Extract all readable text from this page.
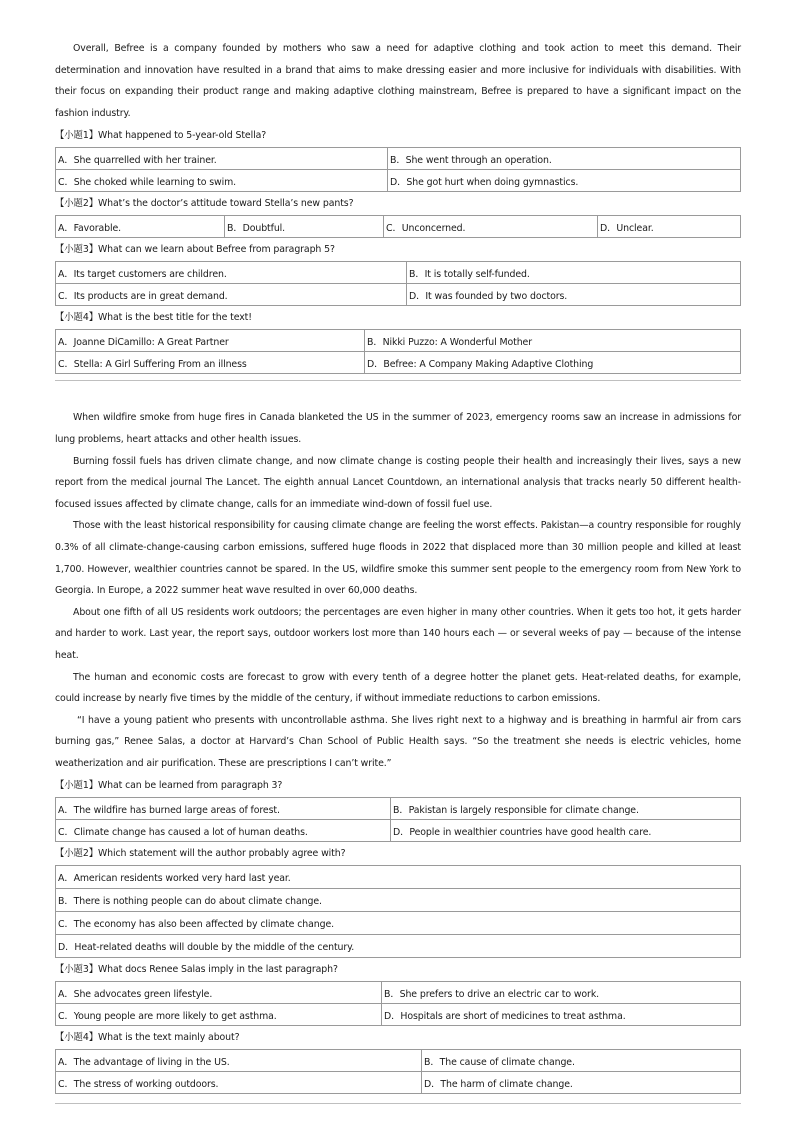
Overall, Befree is a company founded by mothers who saw a need for adaptive clothing and took action to meet this demand. Their determination and innovation have resulted in a brand that aims to make dressing easier and more inclusive for individuals with disabilities. With their focus on expanding their product range and making adaptive clothing mainstream, Befree is prepared to have a significant impact on the fashion industry.

【小题1】What happened to 5-year-old Stella?
A．She quarrelled with her trainer.	B．She went through an operation.
C．She choked while learning to swim.	D．She got hurt when doing gymnastics.
【小题2】What’s the doctor’s attitude toward Stella’s new pants?
A．Favorable.	B．Doubtful.	C．Unconcerned.	D．Unclear.
【小题3】What can we learn about Befree from paragraph 5?
A．Its target customers are children.	B．It is totally self-funded.
C．Its products are in great demand.	D．It was founded by two doctors.
【小题4】What is the best title for the text!
A．Joanne DiCamillo: A Great Partner	B．Nikki Puzzo: A Wonderful Mother
C．Stella: A Girl Suffering From an illness	D．Befree: A Company Making Adaptive Clothing

When wildfire smoke from huge fires in Canada blanketed the US in the summer of 2023, emergency rooms saw an increase in admissions for lung problems, heart attacks and other health issues.

Burning fossil fuels has driven climate change, and now climate change is costing people their health and increasingly their lives, says a new report from the medical journal The Lancet. The eighth annual Lancet Countdown, an international analysis that tracks nearly 50 different health-focused issues affected by climate change, calls for an immediate wind-down of fossil fuel use.

Those with the least historical responsibility for causing climate change are feeling the worst effects. Pakistan—a country responsible for roughly 0.3% of all climate-change-causing carbon emissions, suffered huge floods in 2022 that displaced more than 30 million people and killed at least 1,700. However, wealthier countries cannot be spared. In the US, wildfire smoke this summer sent people to the emergency room from New York to Georgia. In Europe, a 2022 summer heat wave resulted in over 60,000 deaths.

About one fifth of all US residents work outdoors; the percentages are even higher in many other countries. When it gets too hot, it gets harder and harder to work. Last year, the report says, outdoor workers lost more than 140 hours each — or several weeks of pay — because of the intense heat.

The human and economic costs are forecast to grow with every tenth of a degree hotter the planet gets. Heat-related deaths, for example, could increase by nearly five times by the middle of the century, if without immediate reductions to carbon emissions.

“I have a young patient who presents with uncontrollable asthma. She lives right next to a highway and is breathing in harmful air from cars burning gas,” Renee Salas, a doctor at Harvard’s Chan School of Public Health says. “So the treatment she needs is electric vehicles, home weatherization and air purification. These are prescriptions I can’t write.”

【小题1】What can be learned from paragraph 3?
A．The wildfire has burned large areas of forest.	B．Pakistan is largely responsible for climate change.
C．Climate change has caused a lot of human deaths.	D．People in wealthier countries have good health care.
【小题2】Which statement will the author probably agree with?
A．American residents worked very hard last year.
B．There is nothing people can do about climate change.
C．The economy has also been affected by climate change.
D．Heat-related deaths will double by the middle of the century.
【小题3】What docs Renee Salas imply in the last paragraph?
A．She advocates green lifestyle.	B．She prefers to drive an electric car to work.
C．Young people are more likely to get asthma.	D．Hospitals are short of medicines to treat asthma.
【小题4】What is the text mainly about?
A．The advantage of living in the US.	B．The cause of climate change.
C．The stress of working outdoors.	D．The harm of climate change.
